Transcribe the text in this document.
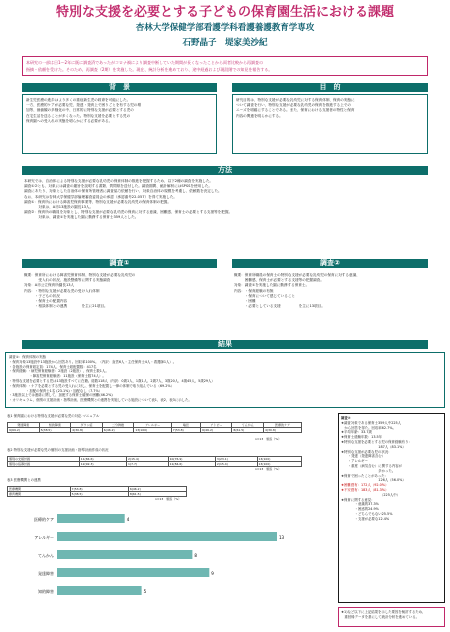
特別な支援を必要とする子どもの保育園生活における課題
杏林大学保健学部看護学科看護養護教育学専攻
石野晶子　堤家美沙紀
本研究の一部は日1～2年に既に調査済であったがコロナ禍により調査中断していた期間が長くなったことから両者比較から再調査の
指摘・依頼を受けた。そのため、再調査（2期）を実施した。現在、統計分析を進めており、途中経過および現段階での知見を報告する。
背　景	目　的
新生児医療の進歩はより多くの重症新生児の救命を可能にした。
一方、医療的ケアが必要な児、発達・発育上で困りごとを有する児の増
加等、価値観の多様化の中、日常的に特別な支援が必要とする児の
在宅生活を送ることが多くなった。特別な支援を必要とする児の
保育園への受入れの実態を明らかにする必要がある。
研究目的は、特別な支援が必要な乳幼児に対する保育体制、保育の実態に
ついて調査を行い、特別な支援が必要な乳幼児の保育を推進する上での
ニーズを明確にすることである。また、保育における支援者の特性と保育
内容の関連を明らかにする。
方法
本研究では、自治体による特別な支援が必要な乳幼児の保育体制の推進を把握するため、以下2種の調査を実施した。
調査①②とも、対象には調査の趣旨を説明する書類、質問紙を送付した。調査期間、統計解析にはSPSSを使用した。
調査にあたり、対象とした自治体の保育所管理者に調査協力依頼を行い、対象自治体の規模を考慮し、依頼数を決定した。
なお、本研究は杏林大学保健学部倫理審査委員会の承認（承認番号22-057）を得て実施した。
調査①：保育所における障害児保育事業等、特別な支援が必要な乳幼児の保育体制の把握。
　　　　対象は、A市13施設の園長13人。
調査②：保育所の職員を対象とし、特別な支援が必要な乳幼児の保育に対する意識、困難感、保育士の必要とする支援等を把握。
　　　　対象は、調査①を実施した園に勤務する保育士359人とした。
調査①	調査②
概要：保育所における障害児保育体制、特別な支援が必要な乳幼児の
　　　　受入れの状況、施設整備等に関する実態調査
対象：A市公立保育所園長13人
内容：・特別な支援が必要な児の受け入れ体制
　　　・子どもの状況
　　　・保育士の配置内容
　　　・相談体制との連携　　　　を主に21項目。
概要：保育所職員の保育士の特別な支援が必要な乳幼児の保育に対する意識、
　　　困難感、保育士が必要とする支援等の把握調査。
対象：調査①を実施した園に勤務する保育士。
内容：・保育経験の有無
　　　・保育について感じていること
　　　・困難
　　　・必要としている支援　　　　　を主に13項目。
結果
調査①：保育体制の実態
・保育対象13施設中13施設から回答あり。回収率100%。（内訳：直営6人・主任保育士4人・看護師1人）。
・各施設の保育総定員：174人、保育士総配置数：417名
・保育経験：・病児保育経験者：2施設（2施設）、保育士数1人。
　　　　　　・障害児保育経験者：11施設（保育士数74人）。
・特別な支援を必要とする児は13施設すべてに在籍。総数118人（内訳：0歳1人、1歳1人、2歳7人、3歳20人、4歳45人、5歳29人）
・保育体制：・ケアを必要とする児の受入れに対し、保育士を配置し一律の体制で取り組んでいる（69.2%）
　　　　　・加配の保育士1名 (23.1%)・加配なし（7.7%）
・3施設以上では連絡に関して、加配する保育士確保の困難(46.2%)
・カリキュラム、個別の支援計画・指導計画、医療機関との連携を実施している施設について表1、表2、表3に示した。
表1 保育園における特別な支援が必要な児の対応 マニュアル
発達障害	知的障害	ダウン症	二分脊椎	アレルギー	喘息	アトピー	てんかん	医療的ケア
9(69.2)	5(38.5)	4(30.8)	6(46.2)	13(100)	7(53.8)	6(46.2)	8(61.5)	4(30.8)
n=13　施設（%）
表2 特別な支援が必要な児の個別の支援計画・指導計画作成の状況
個別の支援計画	11(84.6)	2(15.4)	10(76.9)	3(23.1)	13(100)
個別の指導計画	12(92.3)	1(7.7)	11(84.6)	2(15.4)	13(100)
n=13　施設（%）
表3 医療機関との連携
医療機関	7(53.8)	6(46.2)
療育機関	5(38.5)	8(61.5)
n=13　施設（%）
医療的ケア	4
アレルギー	13
てんかん	8
発達障害	9
知的障害	5
調査②
★調査対象である保育士359人中225人
　から回答を得た。回収率62.7%。
★平均年齢：33.7歳
★保育士経験年数：13.5年
★特別な支援を必要とする児の保育経験有り：
　　　　　　　　　　　187人（83.1%）
★特別な支援が必要な児の状況：
　　・発達（発達障害含む）
　　・アレルギー
　　・重度（病気含む）に関する内容が
　　　　　　　　　　　多かった。
★保育で困ったことがあった：
　　　　　　　　　　　126人（56.0%）
★困難感有：172人（92.0%）
★不安感有：183人（81.3%）
　　　　　　　　　　　　（225人中）
★保育に関する意見：
　　　　・意識的37.3%
　　　　・困惑的24.9%
　　　　・どちらでもない25.5%
　　　　・支援が必要な12.4%
★1)など以下に上記結果を示した要因を検討するため、
　重回帰データを基にして統計分析を進めている。
